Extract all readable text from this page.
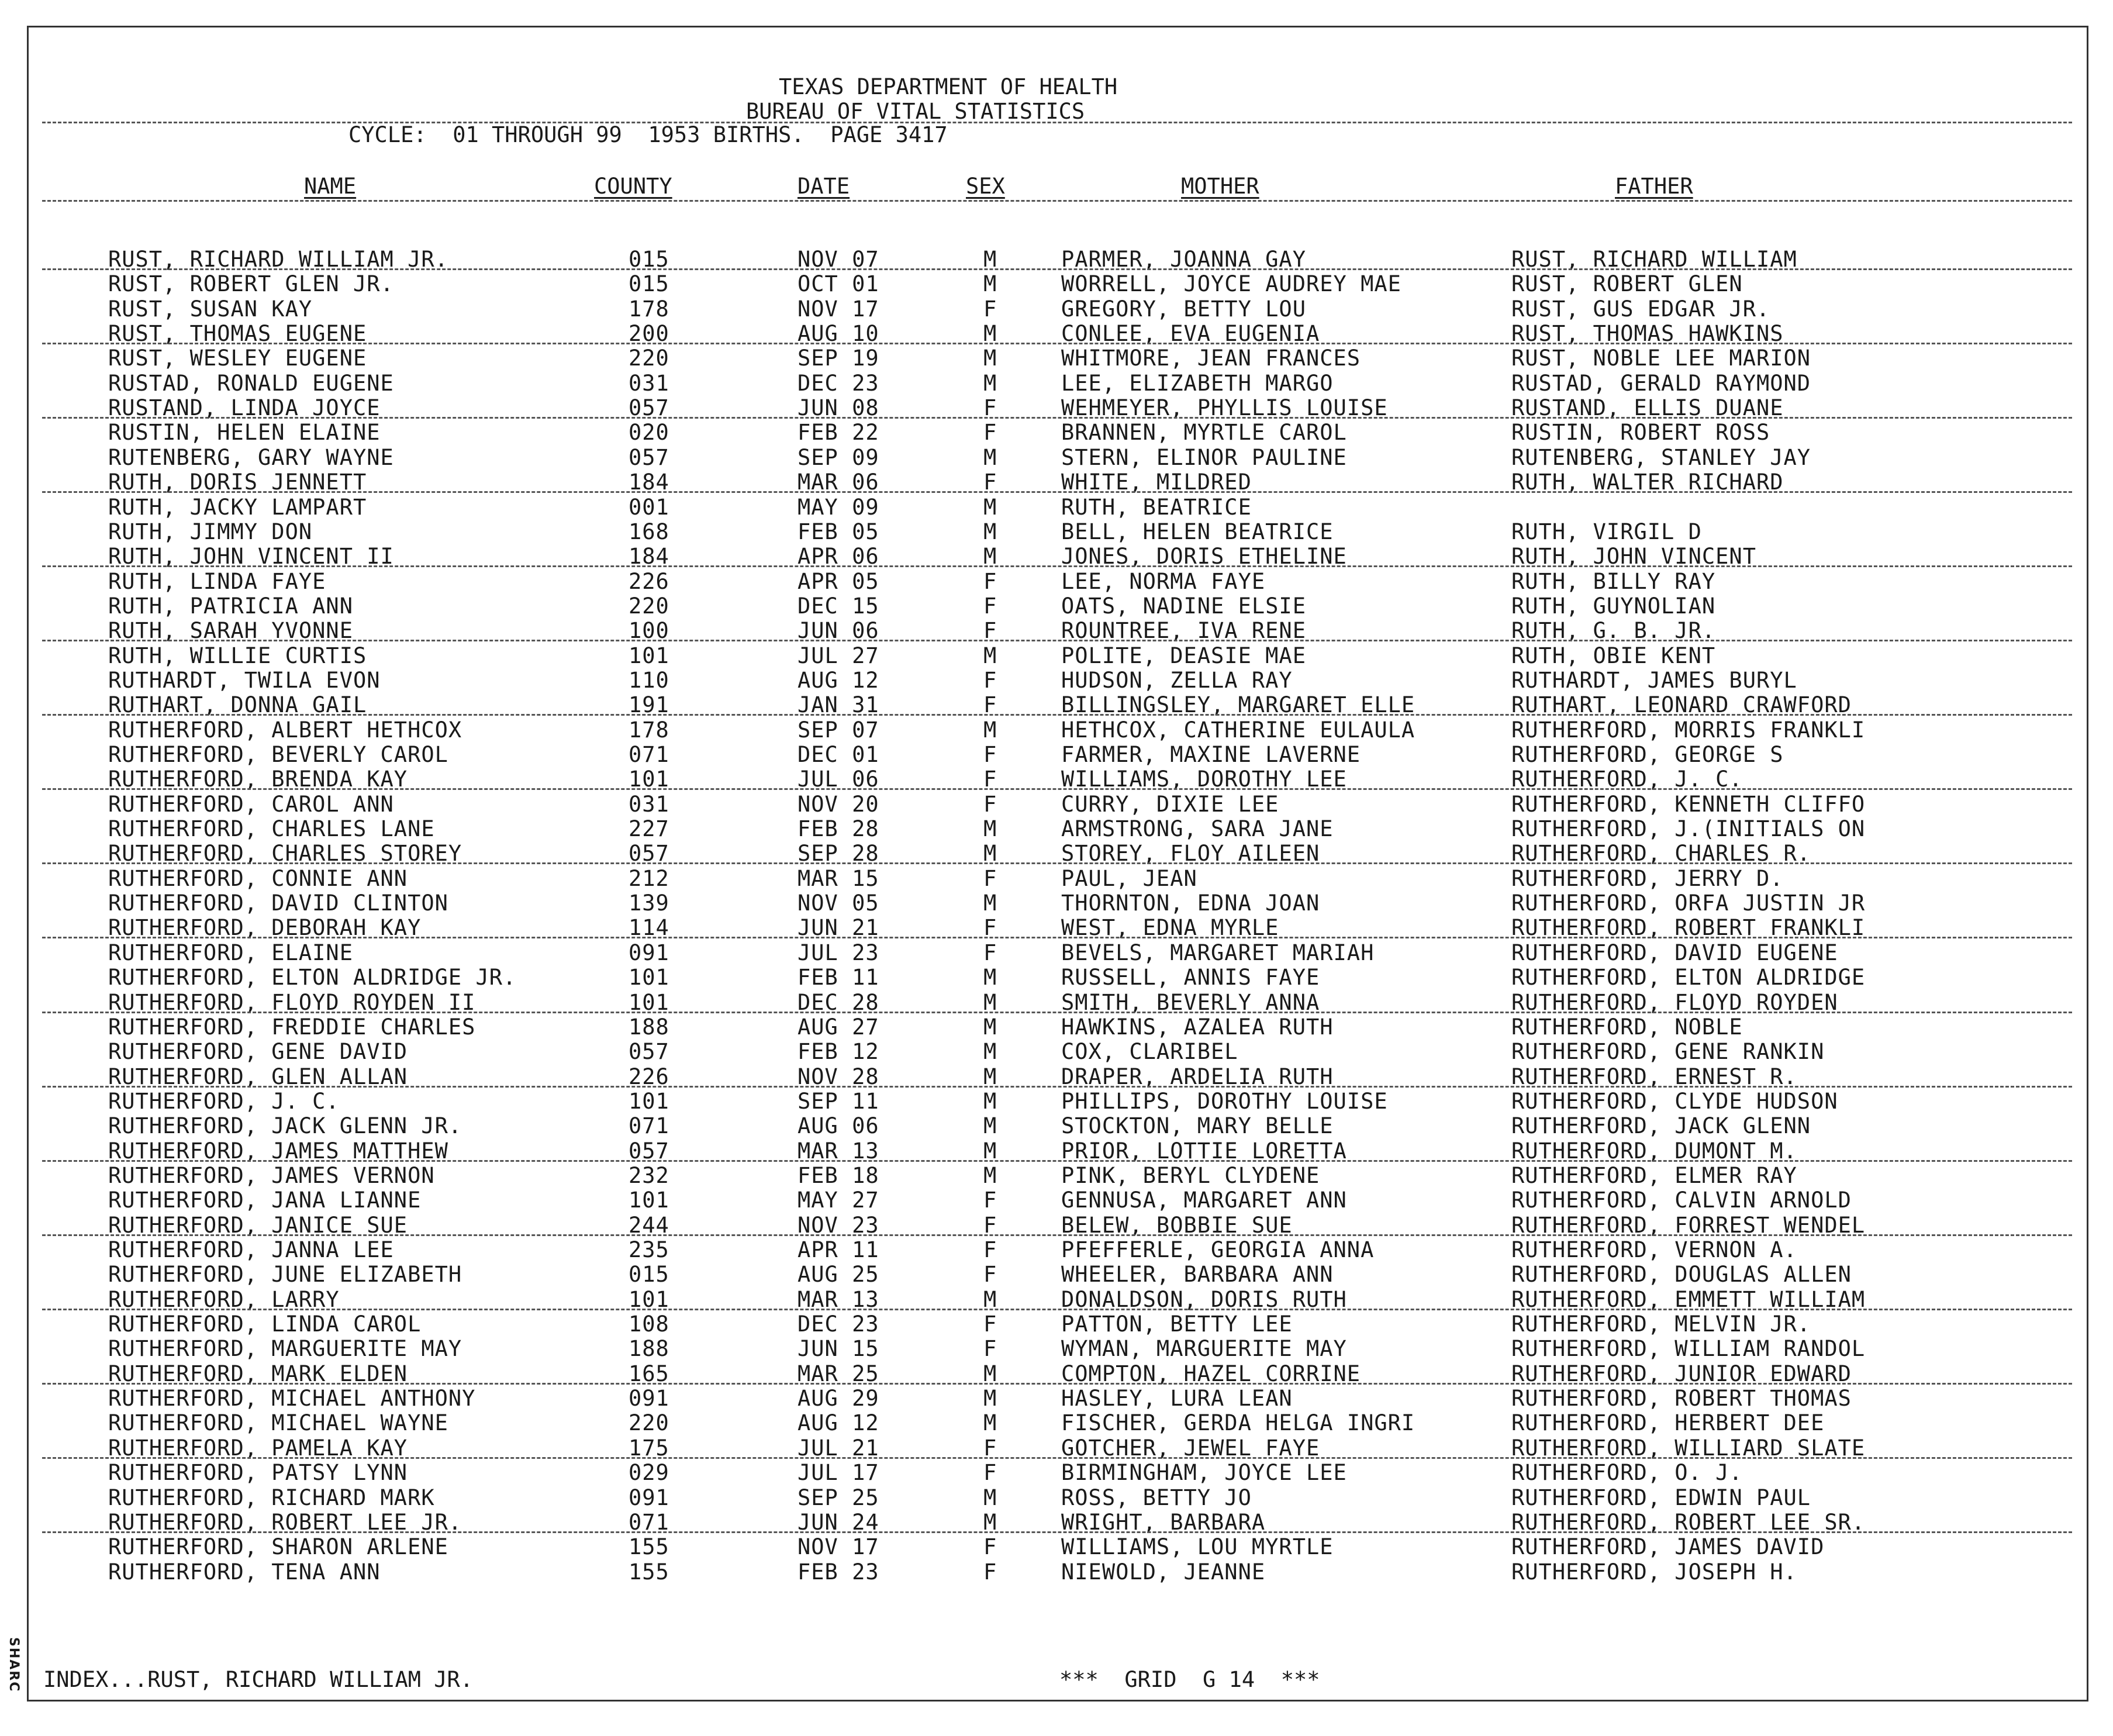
SHARC
TEXAS DEPARTMENT OF HEALTH
BUREAU OF VITAL STATISTICS
CYCLE:  01 THROUGH 99  1953 BIRTHS.  PAGE 3417
NAME	COUNTY	DATE	SEX	MOTHER	FATHER
RUST, RICHARD WILLIAM JR.	015	NOV 07	M	PARMER, JOANNA GAY	RUST, RICHARD WILLIAM
RUST, ROBERT GLEN JR.	015	OCT 01	M	WORRELL, JOYCE AUDREY MAE	RUST, ROBERT GLEN
RUST, SUSAN KAY	178	NOV 17	F	GREGORY, BETTY LOU	RUST, GUS EDGAR JR.
RUST, THOMAS EUGENE	200	AUG 10	M	CONLEE, EVA EUGENIA	RUST, THOMAS HAWKINS
RUST, WESLEY EUGENE	220	SEP 19	M	WHITMORE, JEAN FRANCES	RUST, NOBLE LEE MARION
RUSTAD, RONALD EUGENE	031	DEC 23	M	LEE, ELIZABETH MARGO	RUSTAD, GERALD RAYMOND
RUSTAND, LINDA JOYCE	057	JUN 08	F	WEHMEYER, PHYLLIS LOUISE	RUSTAND, ELLIS DUANE
RUSTIN, HELEN ELAINE	020	FEB 22	F	BRANNEN, MYRTLE CAROL	RUSTIN, ROBERT ROSS
RUTENBERG, GARY WAYNE	057	SEP 09	M	STERN, ELINOR PAULINE	RUTENBERG, STANLEY JAY
RUTH, DORIS JENNETT	184	MAR 06	F	WHITE, MILDRED	RUTH, WALTER RICHARD
RUTH, JACKY LAMPART	001	MAY 09	M	RUTH, BEATRICE
RUTH, JIMMY DON	168	FEB 05	M	BELL, HELEN BEATRICE	RUTH, VIRGIL D
RUTH, JOHN VINCENT II	184	APR 06	M	JONES, DORIS ETHELINE	RUTH, JOHN VINCENT
RUTH, LINDA FAYE	226	APR 05	F	LEE, NORMA FAYE	RUTH, BILLY RAY
RUTH, PATRICIA ANN	220	DEC 15	F	OATS, NADINE ELSIE	RUTH, GUYNOLIAN
RUTH, SARAH YVONNE	100	JUN 06	F	ROUNTREE, IVA RENE	RUTH, G. B. JR.
RUTH, WILLIE CURTIS	101	JUL 27	M	POLITE, DEASIE MAE	RUTH, OBIE KENT
RUTHARDT, TWILA EVON	110	AUG 12	F	HUDSON, ZELLA RAY	RUTHARDT, JAMES BURYL
RUTHART, DONNA GAIL	191	JAN 31	F	BILLINGSLEY, MARGARET ELLE	RUTHART, LEONARD CRAWFORD
RUTHERFORD, ALBERT HETHCOX	178	SEP 07	M	HETHCOX, CATHERINE EULAULA	RUTHERFORD, MORRIS FRANKLI
RUTHERFORD, BEVERLY CAROL	071	DEC 01	F	FARMER, MAXINE LAVERNE	RUTHERFORD, GEORGE S
RUTHERFORD, BRENDA KAY	101	JUL 06	F	WILLIAMS, DOROTHY LEE	RUTHERFORD, J. C.
RUTHERFORD, CAROL ANN	031	NOV 20	F	CURRY, DIXIE LEE	RUTHERFORD, KENNETH CLIFFO
RUTHERFORD, CHARLES LANE	227	FEB 28	M	ARMSTRONG, SARA JANE	RUTHERFORD, J.(INITIALS ON
RUTHERFORD, CHARLES STOREY	057	SEP 28	M	STOREY, FLOY AILEEN	RUTHERFORD, CHARLES R.
RUTHERFORD, CONNIE ANN	212	MAR 15	F	PAUL, JEAN	RUTHERFORD, JERRY D.
RUTHERFORD, DAVID CLINTON	139	NOV 05	M	THORNTON, EDNA JOAN	RUTHERFORD, ORFA JUSTIN JR
RUTHERFORD, DEBORAH KAY	114	JUN 21	F	WEST, EDNA MYRLE	RUTHERFORD, ROBERT FRANKLI
RUTHERFORD, ELAINE	091	JUL 23	F	BEVELS, MARGARET MARIAH	RUTHERFORD, DAVID EUGENE
RUTHERFORD, ELTON ALDRIDGE JR.	101	FEB 11	M	RUSSELL, ANNIS FAYE	RUTHERFORD, ELTON ALDRIDGE
RUTHERFORD, FLOYD ROYDEN II	101	DEC 28	M	SMITH, BEVERLY ANNA	RUTHERFORD, FLOYD ROYDEN
RUTHERFORD, FREDDIE CHARLES	188	AUG 27	M	HAWKINS, AZALEA RUTH	RUTHERFORD, NOBLE
RUTHERFORD, GENE DAVID	057	FEB 12	M	COX, CLARIBEL	RUTHERFORD, GENE RANKIN
RUTHERFORD, GLEN ALLAN	226	NOV 28	M	DRAPER, ARDELIA RUTH	RUTHERFORD, ERNEST R.
RUTHERFORD, J. C.	101	SEP 11	M	PHILLIPS, DOROTHY LOUISE	RUTHERFORD, CLYDE HUDSON
RUTHERFORD, JACK GLENN JR.	071	AUG 06	M	STOCKTON, MARY BELLE	RUTHERFORD, JACK GLENN
RUTHERFORD, JAMES MATTHEW	057	MAR 13	M	PRIOR, LOTTIE LORETTA	RUTHERFORD, DUMONT M.
RUTHERFORD, JAMES VERNON	232	FEB 18	M	PINK, BERYL CLYDENE	RUTHERFORD, ELMER RAY
RUTHERFORD, JANA LIANNE	101	MAY 27	F	GENNUSA, MARGARET ANN	RUTHERFORD, CALVIN ARNOLD
RUTHERFORD, JANICE SUE	244	NOV 23	F	BELEW, BOBBIE SUE	RUTHERFORD, FORREST WENDEL
RUTHERFORD, JANNA LEE	235	APR 11	F	PFEFFERLE, GEORGIA ANNA	RUTHERFORD, VERNON A.
RUTHERFORD, JUNE ELIZABETH	015	AUG 25	F	WHEELER, BARBARA ANN	RUTHERFORD, DOUGLAS ALLEN
RUTHERFORD, LARRY	101	MAR 13	M	DONALDSON, DORIS RUTH	RUTHERFORD, EMMETT WILLIAM
RUTHERFORD, LINDA CAROL	108	DEC 23	F	PATTON, BETTY LEE	RUTHERFORD, MELVIN JR.
RUTHERFORD, MARGUERITE MAY	188	JUN 15	F	WYMAN, MARGUERITE MAY	RUTHERFORD, WILLIAM RANDOL
RUTHERFORD, MARK ELDEN	165	MAR 25	M	COMPTON, HAZEL CORRINE	RUTHERFORD, JUNIOR EDWARD
RUTHERFORD, MICHAEL ANTHONY	091	AUG 29	M	HASLEY, LURA LEAN	RUTHERFORD, ROBERT THOMAS
RUTHERFORD, MICHAEL WAYNE	220	AUG 12	M	FISCHER, GERDA HELGA INGRI	RUTHERFORD, HERBERT DEE
RUTHERFORD, PAMELA KAY	175	JUL 21	F	GOTCHER, JEWEL FAYE	RUTHERFORD, WILLIARD SLATE
RUTHERFORD, PATSY LYNN	029	JUL 17	F	BIRMINGHAM, JOYCE LEE	RUTHERFORD, O. J.
RUTHERFORD, RICHARD MARK	091	SEP 25	M	ROSS, BETTY JO	RUTHERFORD, EDWIN PAUL
RUTHERFORD, ROBERT LEE JR.	071	JUN 24	M	WRIGHT, BARBARA	RUTHERFORD, ROBERT LEE SR.
RUTHERFORD, SHARON ARLENE	155	NOV 17	F	WILLIAMS, LOU MYRTLE	RUTHERFORD, JAMES DAVID
RUTHERFORD, TENA ANN	155	FEB 23	F	NIEWOLD, JEANNE	RUTHERFORD, JOSEPH H.
INDEX...RUST, RICHARD WILLIAM JR.	***  GRID  G 14  ***
